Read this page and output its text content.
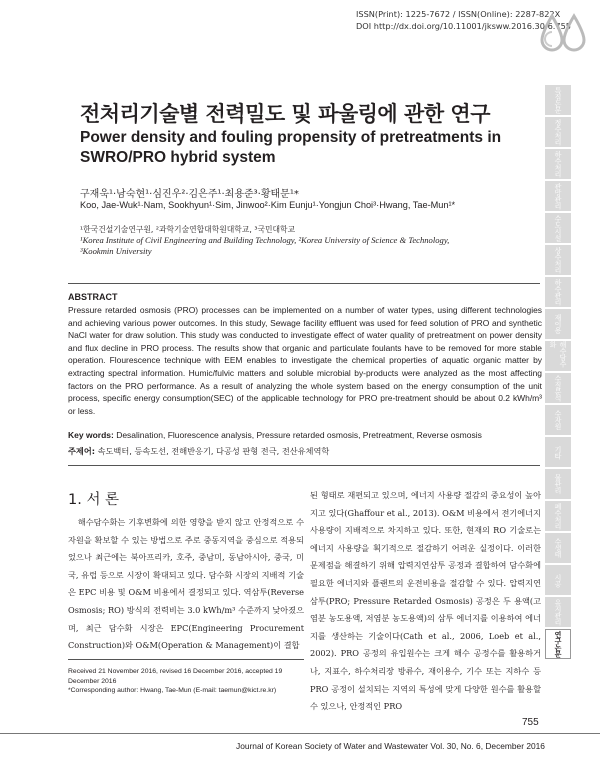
ISSN(Print): 1225-7672 / ISSN(Online): 2287-822X
DOI http://dx.doi.org/10.11001/jksww.2016.30.6.755
전처리기술별 전력밀도 및 파울링에 관한 연구
Power density and fouling propensity of pretreatments in SWRO/PRO hybrid system
구재욱¹·남숙현¹·심진우²·김은주¹·최용준³·황태문¹*
Koo, Jae-Wuk¹·Nam, Sookhyun¹·Sim, Jinwoo²·Kim Eunju¹·Yongjun Choi³·Hwang, Tae-Mun¹*
¹한국건설기술연구원, ²과학기술연합대학원대학교, ³국민대학교
¹Korea Institute of Civil Engineering and Building Technology, ²Korea University of Science & Technology,
³Kookmin University
ABSTRACT
Pressure retarded osmosis (PRO) processes can be implemented on a number of water types, using different technologies and achieving various power outcomes. In this study, Sewage facility effluent was used for feed solution of PRO and synthetic NaCl water for draw solution. This study was conducted to investigate effect of water quality of pretreatment on power density and flux decline in PRO process. The results show that organic and particulate foulants have to be removed for more stable operation. Flourescence technique with EEM enables to investigate the chemical properties of aquatic organic matter by extracting spectral information. Humic/fulvic matters and soluble microbial by-products were analyzed as the most affecting factors on the PRO performance. As a result of analyzing the whole system based on the energy consumption of the unit process, specific energy consumption(SEC) of the applicable technology for PRO pre-treatment should be about 0.2 kWh/m³ or less.
Key words: Desalination, Fluorescence analysis, Pressure retarded osmosis, Pretreatment, Reverse osmosis
주제어: 속도백터, 등속도선, 전해반응기, 다공성 판형 전극, 전산유체역학
1. 서 론

해수담수화는 기후변화에 의한 영향을 받지 않고 안정적으로 수자원을 확보할 수 있는 방법으로 주로 중동지역을 중심으로 적용되었으나 최근에는 북아프리카, 호주, 중남미, 동남아시아, 중국, 미국, 유럽 등으로 시장이 확대되고 있다. 담수화 시장의 지배적 기술은 EPC 비용 및 O&M 비용에서 결정되고 있다. 역삼투(Reverse Osmosis; RO) 방식의 전력비는 3.0 kWh/m³ 수준까지 낮아졌으며, 최근 담수화 시장은 EPC(Engineering Procurement Construction)와 O&M(Operation & Management)이 결합

된 형태로 재편되고 있으며, 에너지 사용량 절감의 중요성이 높아지고 있다(Ghaffour et al., 2013). O&M 비용에서 전기에너지 사용량이 지배적으로 차지하고 있다. 또한, 현재의 RO 기술로는 에너지 사용량을 획기적으로 절감하기 어려운 실정이다. 이러한 문제점을 해결하기 위해 압력지연삼투 공정과 결합하여 담수화에 필요한 에너지와 플랜트의 운전비용을 절감할 수 있다. 압력지연삼투(PRO; Pressure Retarded Osmosis) 공정은 두 용액(고염분 농도용액, 저염분 농도용액)의 삼투 에너지를 이용하여 에너지를 생산하는 기술이다(Cath et al., 2006, Loeb et al., 2002). PRO 공정의 유입원수는 크게 해수 공정수를 활용하거나, 지표수, 하수처리장 방류수, 재이용수, 기수 또는 지하수 등 PRO 공정이 설치되는 지역의 특성에 맞게 다양한 원수를 활용할 수 있으나, 안정적인 PRO

Received 21 November 2016, revised 16 December 2016, accepted 19 December 2016
*Corresponding author: Hwang, Tae-Mun (E-mail: taemun@kict.re.kr)
755
Journal of Korean Society of Water and Wastewater Vol. 30, No. 6, December 2016
특집논문
정수처리
하수처리
관망관리
수도시설
상수처리
하수관리
재이용
해수담수화
수질분석
수자원
기타
물관리
폐수처리
수생태
시공
유지관리
연구논문
